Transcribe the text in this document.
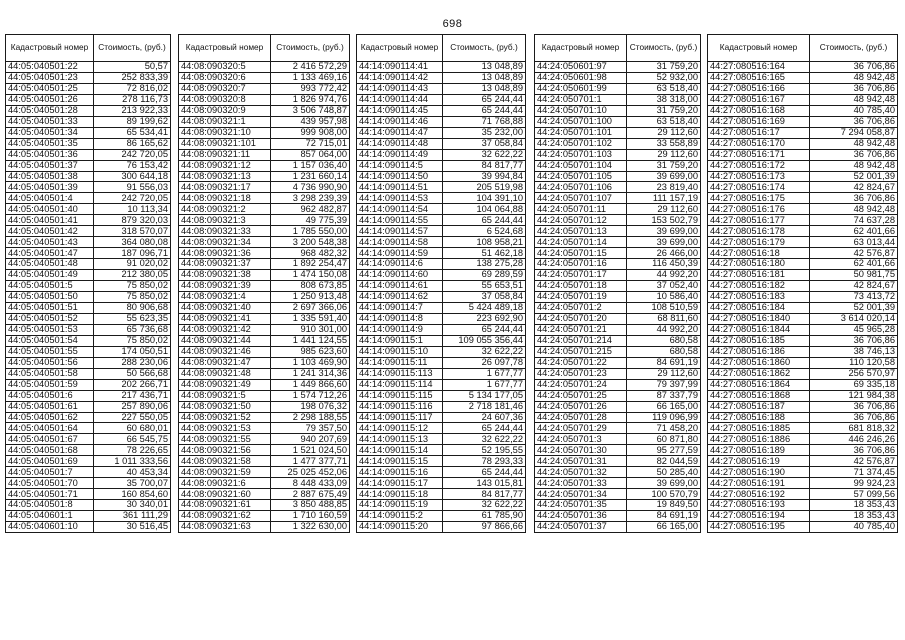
698
Кадастровый номер	Стоимость, (руб.)
44:05:040501:22	50,57
44:05:040501:23	252 833,39
44:05:040501:25	72 816,02
44:05:040501:26	278 116,73
44:05:040501:28	213 922,33
44:05:040501:33	89 199,62
44:05:040501:34	65 534,41
44:05:040501:35	86 165,62
44:05:040501:36	242 720,05
44:05:040501:37	76 153,42
44:05:040501:38	300 644,18
44:05:040501:39	91 556,03
44:05:040501:4	242 720,05
44:05:040501:40	10 113,34
44:05:040501:41	879 320,03
44:05:040501:42	318 570,07
44:05:040501:43	364 080,08
44:05:040501:47	187 096,71
44:05:040501:48	91 020,02
44:05:040501:49	212 380,05
44:05:040501:5	75 850,02
44:05:040501:50	75 850,02
44:05:040501:51	80 906,68
44:05:040501:52	55 623,35
44:05:040501:53	65 736,68
44:05:040501:54	75 850,02
44:05:040501:55	174 050,51
44:05:040501:56	288 230,06
44:05:040501:58	50 566,68
44:05:040501:59	202 266,71
44:05:040501:6	217 436,71
44:05:040501:61	257 890,06
44:05:040501:62	227 550,05
44:05:040501:64	60 680,01
44:05:040501:67	66 545,75
44:05:040501:68	78 226,65
44:05:040501:69	1 011 333,56
44:05:040501:7	40 453,34
44:05:040501:70	35 700,07
44:05:040501:71	160 854,60
44:05:040501:8	30 340,01
44:05:040601:1	361 111,29
44:05:040601:10	30 516,45
Кадастровый номер	Стоимость, (руб.)
44:08:090320:5	2 416 572,29
44:08:090320:6	1 133 469,16
44:08:090320:7	993 772,42
44:08:090320:8	1 826 974,76
44:08:090320:9	3 506 748,87
44:08:090321:1	439 957,98
44:08:090321:10	999 908,00
44:08:090321:101	72 715,01
44:08:090321:11	857 064,00
44:08:090321:12	1 157 036,40
44:08:090321:13	1 231 660,14
44:08:090321:17	4 736 990,90
44:08:090321:18	3 298 239,39
44:08:090321:2	962 482,87
44:08:090321:3	49 775,39
44:08:090321:33	1 785 550,00
44:08:090321:34	3 200 548,38
44:08:090321:36	968 482,32
44:08:090321:37	1 892 254,47
44:08:090321:38	1 474 150,08
44:08:090321:39	808 673,85
44:08:090321:4	1 250 913,48
44:08:090321:40	2 697 366,06
44:08:090321:41	1 335 591,40
44:08:090321:42	910 301,00
44:08:090321:44	1 441 124,55
44:08:090321:46	985 623,60
44:08:090321:47	1 103 469,90
44:08:090321:48	1 241 314,36
44:08:090321:49	1 449 866,60
44:08:090321:5	1 574 712,26
44:08:090321:50	198 076,32
44:08:090321:52	2 298 188,55
44:08:090321:53	79 357,50
44:08:090321:55	940 207,69
44:08:090321:56	1 521 024,50
44:08:090321:58	1 477 377,71
44:08:090321:59	25 025 452,06
44:08:090321:6	8 448 433,09
44:08:090321:60	2 887 675,49
44:08:090321:61	3 850 488,85
44:08:090321:62	1 710 160,59
44:08:090321:63	1 322 630,00
Кадастровый номер	Стоимость, (руб.)
44:14:090114:41	13 048,89
44:14:090114:42	13 048,89
44:14:090114:43	13 048,89
44:14:090114:44	65 244,44
44:14:090114:45	65 244,44
44:14:090114:46	71 768,88
44:14:090114:47	35 232,00
44:14:090114:48	37 058,84
44:14:090114:49	32 622,22
44:14:090114:5	84 817,77
44:14:090114:50	39 994,84
44:14:090114:51	205 519,98
44:14:090114:53	104 391,10
44:14:090114:54	104 064,88
44:14:090114:55	65 244,44
44:14:090114:57	6 524,68
44:14:090114:58	108 958,21
44:14:090114:59	51 462,18
44:14:090114:6	138 275,28
44:14:090114:60	69 289,59
44:14:090114:61	55 653,51
44:14:090114:62	37 058,84
44:14:090114:7	5 424 489,18
44:14:090114:8	223 692,90
44:14:090114:9	65 244,44
44:14:090115:1	109 055 356,44
44:14:090115:10	32 622,22
44:14:090115:11	26 097,78
44:14:090115:113	1 677,77
44:14:090115:114	1 677,77
44:14:090115:115	5 134 177,05
44:14:090115:116	2 718 181,46
44:14:090115:117	24 607,36
44:14:090115:12	65 244,44
44:14:090115:13	32 622,22
44:14:090115:14	52 195,55
44:14:090115:15	78 293,33
44:14:090115:16	65 244,44
44:14:090115:17	143 015,81
44:14:090115:18	84 817,77
44:14:090115:19	32 622,22
44:14:090115:2	61 785,90
44:14:090115:20	97 866,66
Кадастровый номер	Стоимость, (руб.)
44:24:050601:97	31 759,20
44:24:050601:98	52 932,00
44:24:050601:99	63 518,40
44:24:050701:1	38 318,00
44:24:050701:10	31 759,20
44:24:050701:100	63 518,40
44:24:050701:101	29 112,60
44:24:050701:102	33 558,89
44:24:050701:103	29 112,60
44:24:050701:104	31 759,20
44:24:050701:105	39 699,00
44:24:050701:106	23 819,40
44:24:050701:107	111 157,19
44:24:050701:11	29 112,60
44:24:050701:12	153 502,79
44:24:050701:13	39 699,00
44:24:050701:14	39 699,00
44:24:050701:15	26 466,00
44:24:050701:16	116 450,39
44:24:050701:17	44 992,20
44:24:050701:18	37 052,40
44:24:050701:19	10 586,40
44:24:050701:2	108 510,59
44:24:050701:20	68 811,60
44:24:050701:21	44 992,20
44:24:050701:214	680,58
44:24:050701:215	680,58
44:24:050701:22	84 691,19
44:24:050701:23	29 112,60
44:24:050701:24	79 397,99
44:24:050701:25	87 337,79
44:24:050701:26	66 165,00
44:24:050701:28	119 096,99
44:24:050701:29	71 458,20
44:24:050701:3	60 871,80
44:24:050701:30	95 277,59
44:24:050701:31	82 044,59
44:24:050701:32	50 285,40
44:24:050701:33	39 699,00
44:24:050701:34	100 570,79
44:24:050701:35	19 849,50
44:24:050701:36	84 691,19
44:24:050701:37	66 165,00
Кадастровый номер	Стоимость, (руб.)
44:27:080516:164	36 706,86
44:27:080516:165	48 942,48
44:27:080516:166	36 706,86
44:27:080516:167	48 942,48
44:27:080516:168	40 785,40
44:27:080516:169	36 706,86
44:27:080516:17	7 294 058,87
44:27:080516:170	48 942,48
44:27:080516:171	36 706,86
44:27:080516:172	48 942,48
44:27:080516:173	52 001,39
44:27:080516:174	42 824,67
44:27:080516:175	36 706,86
44:27:080516:176	48 942,48
44:27:080516:177	74 637,28
44:27:080516:178	62 401,66
44:27:080516:179	63 013,44
44:27:080516:18	42 576,87
44:27:080516:180	62 401,66
44:27:080516:181	50 981,75
44:27:080516:182	42 824,67
44:27:080516:183	73 413,72
44:27:080516:184	52 001,39
44:27:080516:1840	3 614 020,14
44:27:080516:1844	45 965,28
44:27:080516:185	36 706,86
44:27:080516:186	38 746,13
44:27:080516:1860	110 120,58
44:27:080516:1862	256 570,97
44:27:080516:1864	69 335,18
44:27:080516:1868	121 984,38
44:27:080516:187	36 706,86
44:27:080516:188	36 706,86
44:27:080516:1885	681 818,32
44:27:080516:1886	446 246,26
44:27:080516:189	36 706,86
44:27:080516:19	42 576,87
44:27:080516:190	71 374,45
44:27:080516:191	99 924,23
44:27:080516:192	57 099,56
44:27:080516:193	18 353,43
44:27:080516:194	18 353,43
44:27:080516:195	40 785,40
